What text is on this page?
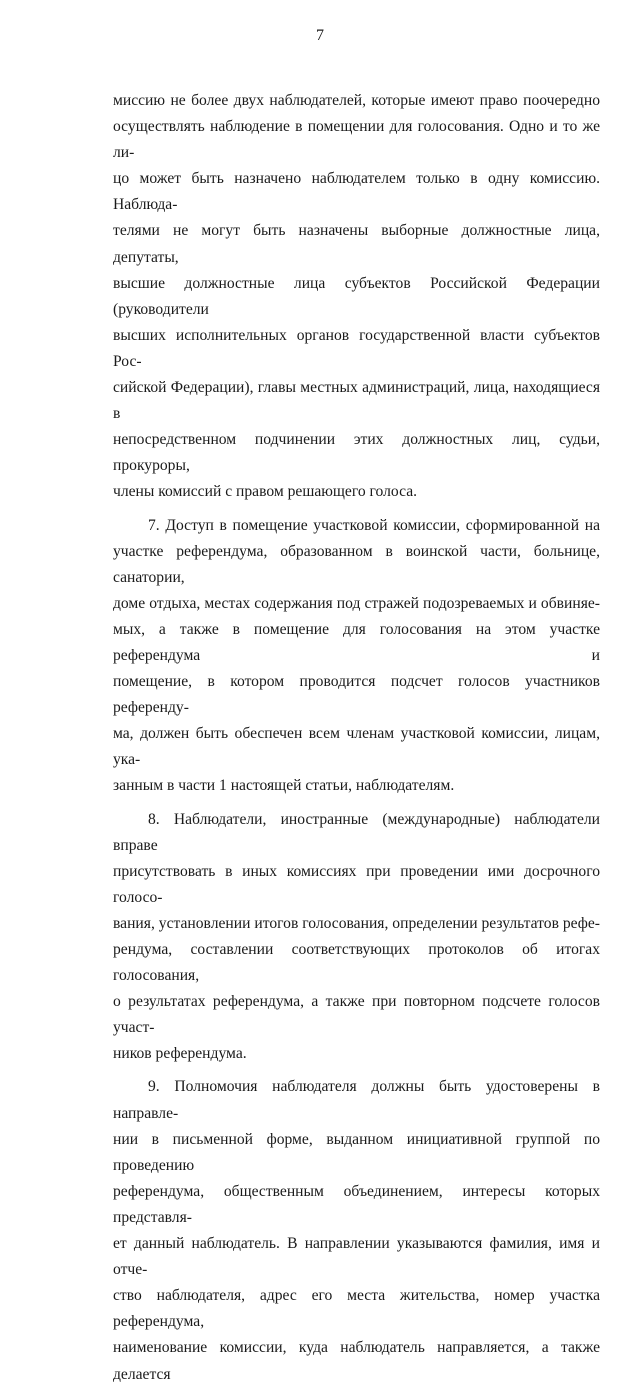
7
миссию не более двух наблюдателей, которые имеют право поочередно
осуществлять наблюдение в помещении для голосования. Одно и то же ли-
цо может быть назначено наблюдателем только в одну комиссию. Наблюда-
телями не могут быть назначены выборные должностные лица, депутаты,
высшие должностные лица субъектов Российской Федерации (руководители
высших исполнительных органов государственной власти субъектов Рос-
сийской Федерации), главы местных администраций, лица, находящиеся в
непосредственном подчинении этих должностных лиц, судьи, прокуроры,
члены комиссий с правом решающего голоса.
7. Доступ в помещение участковой комиссии, сформированной на
участке референдума, образованном в воинской части, больнице, санатории,
доме отдыха, местах содержания под стражей подозреваемых и обвиняе-
мых, а также в помещение для голосования на этом участке референдума и
помещение, в котором проводится подсчет голосов участников референду-
ма, должен быть обеспечен всем членам участковой комиссии, лицам, ука-
занным в части 1 настоящей статьи, наблюдателям.
8. Наблюдатели, иностранные (международные) наблюдатели вправе
присутствовать в иных комиссиях при проведении ими досрочного голосо-
вания, установлении итогов голосования, определении результатов рефе-
рендума, составлении соответствующих протоколов об итогах голосования,
о результатах референдума, а также при повторном подсчете голосов участ-
ников референдума.
9. Полномочия наблюдателя должны быть удостоверены в направле-
нии в письменной форме, выданном инициативной группой по проведению
референдума, общественным объединением, интересы которых представля-
ет данный наблюдатель. В направлении указываются фамилия, имя и отче-
ство наблюдателя, адрес его места жительства, номер участка референдума,
наименование комиссии, куда наблюдатель направляется, а также делается
